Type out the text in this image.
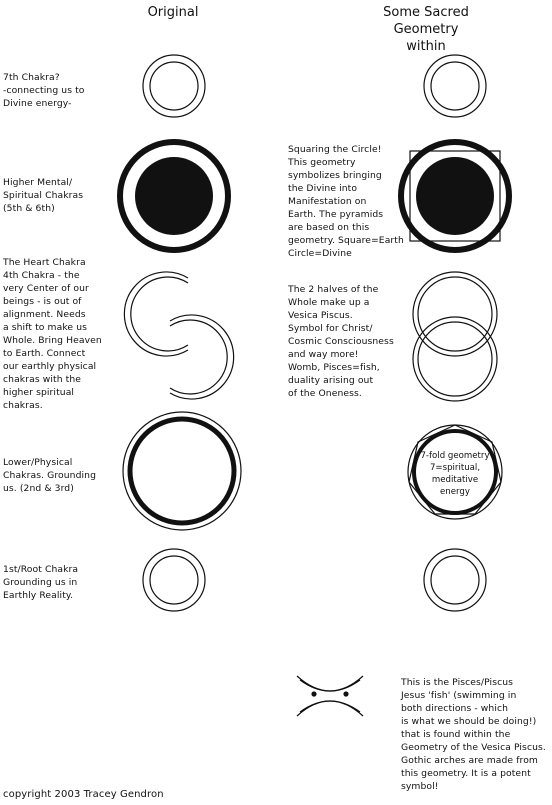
Original	Some Sacred Geometry
within
7th Chakra?
-connecting us to
Divine energy-
Higher Mental/
Spiritual Chakras
(5th & 6th)
The Heart Chakra
4th Chakra - the
very Center of our
beings - is out of
alignment. Needs
a shift to make us
Whole. Bring Heaven
to Earth. Connect
our earthly physical
chakras with the
higher spiritual
chakras.
Lower/Physical
Chakras. Grounding
us. (2nd & 3rd)
1st/Root Chakra
Grounding us in
Earthly Reality.
Squaring the Circle!
This geometry
symbolizes bringing
the Divine into
Manifestation on
Earth. The pyramids
are based on this
geometry. Square=Earth
Circle=Divine
The 2 halves of the
Whole make up a
Vesica Piscus.
Symbol for Christ/
Cosmic Consciousness
and way more!
Womb, Pisces=fish,
duality arising out
of the Oneness.
7-fold geometry
7=spiritual,
meditative
energy
This is the Pisces/Piscus
Jesus 'fish' (swimming in
both directions - which
is what we should be doing!)
that is found within the
Geometry of the Vesica Piscus.
Gothic arches are made from
this geometry. It is a potent
symbol!
copyright 2003 Tracey Gendron
